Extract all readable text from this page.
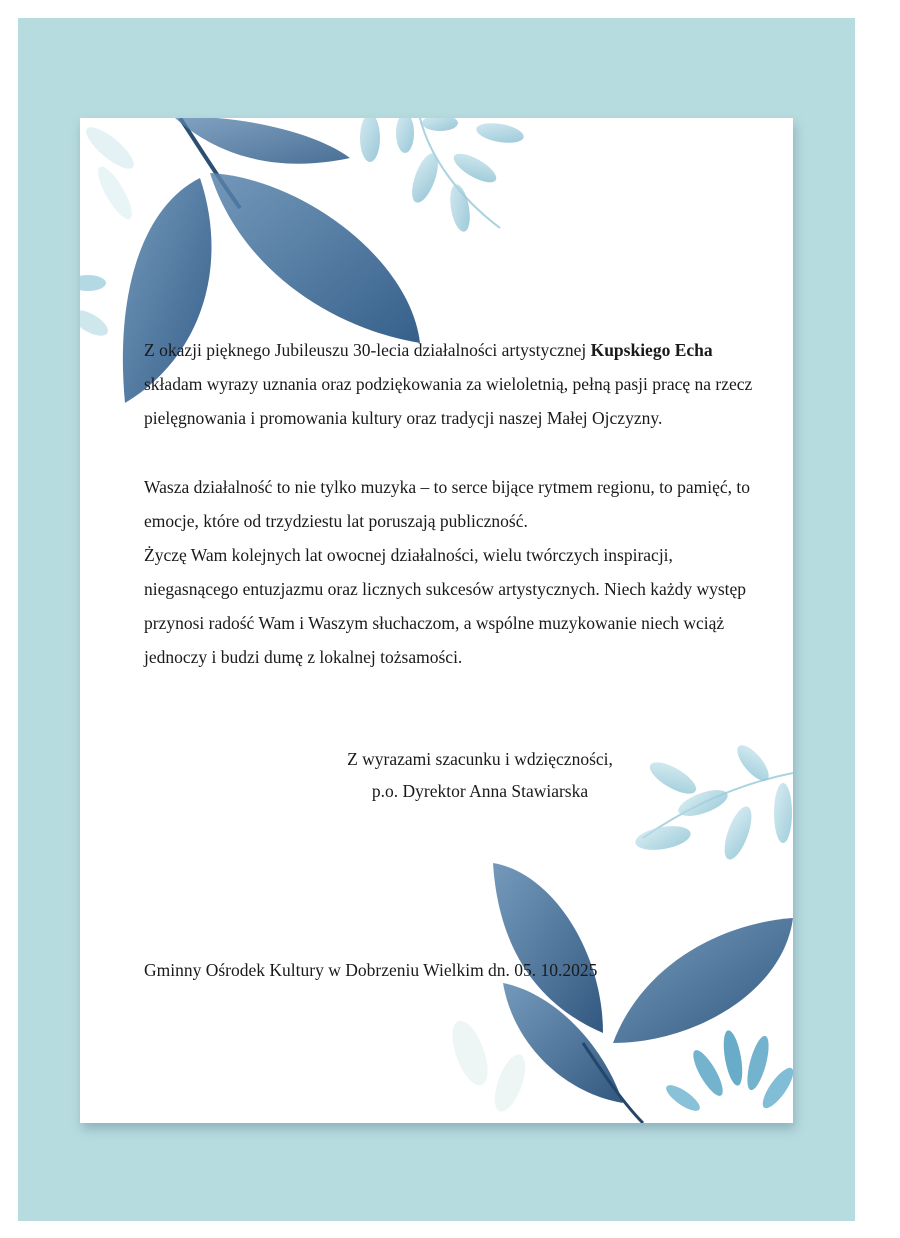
Z okazji pięknego Jubileuszu 30-lecia działalności artystycznej Kupskiego Echa składam wyrazy uznania oraz podziękowania za wieloletnią, pełną pasji pracę na rzecz pielęgnowania i promowania kultury oraz tradycji naszej Małej Ojczyzny.
Wasza działalność to nie tylko muzyka – to serce bijące rytmem regionu, to pamięć, to emocje, które od trzydziestu lat poruszają publiczność.
Życzę Wam kolejnych lat owocnej działalności, wielu twórczych inspiracji, niegasnącego entuzjazmu oraz licznych sukcesów artystycznych. Niech każdy występ przynosi radość Wam i Waszym słuchaczom, a wspólne muzykowanie niech wciąż jednoczy i budzi dumę z lokalnej tożsamości.
Z wyrazami szacunku i wdzięczności,
p.o. Dyrektor Anna Stawiarska
Gminny Ośrodek Kultury w Dobrzeniu Wielkim dn. 05. 10.2025
